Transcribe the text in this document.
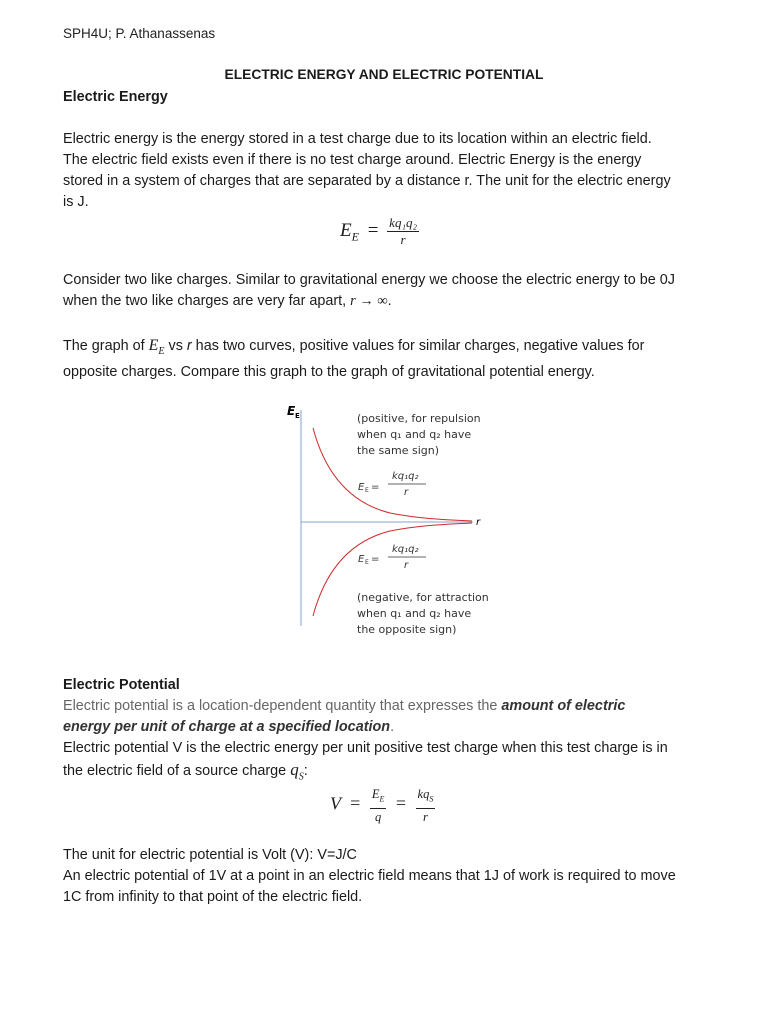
SPH4U; P. Athanassenas
ELECTRIC ENERGY AND ELECTRIC POTENTIAL
Electric Energy
Electric energy is the energy stored in a test charge due to its location within an electric field.
The electric field exists even if there is no test charge around. Electric Energy is the energy
stored in a system of charges that are separated by a distance r. The unit for the electric energy
is J.
$E_E = \frac{\text{kq₁q₂}}{r}$
Consider two like charges. Similar to gravitational energy we choose the electric energy to be 0J
when the two like charges are very far apart, r → ∞.
The graph of $E_E$ vs r has two curves, positive values for similar charges, negative values for
opposite charges. Compare this graph to the graph of gravitational potential energy.
E E
r
(positive, for repulsion
when q₁ and q₂ have
the same sign)
E E =
kq₁q₂
r
E E =
kq₁q₂
r
(negative, for attraction
when q₁ and q₂ have
the opposite sign)
Electric Potential
Electric potential is a location-dependent quantity that expresses the amount of electric
energy per unit of charge at a specified location.
Electric potential V is the electric energy per unit positive test charge when this test charge is in
the electric field of a source charge $q_S$:
$V = \frac{E_E}{q} = \frac{kq_S}{r}$
The unit for electric potential is Volt (V): V=J/C
An electric potential of 1V at a point in an electric field means that 1J of work is required to move
1C from infinity to that point of the electric field.
